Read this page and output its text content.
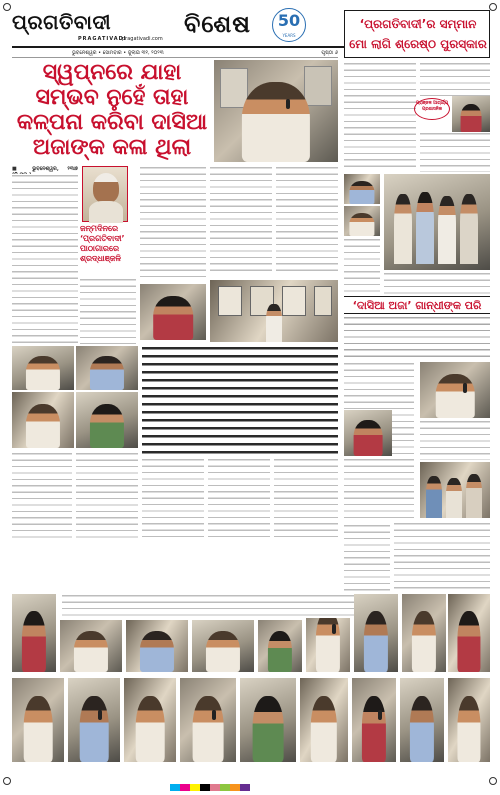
ପ୍ରଗତିବାଦୀ
PRAGATIVADI
pragativadi.com
ବିଶେଷ	50
YEARS
ଭୁବନେଶ୍ୱର • ସୋମବାର • ଜୁଲାଇ ୩୧, ୨୦୨୩	ପୃଷ୍ଠା ୬
ସ୍ୱପ୍ନରେ ଯାହା ସମ୍ଭବ ନୁହେଁ ତାହା କଳ୍ପନା କରିବା ଦାସିଆ ଅଜାଙ୍କ କଳା ଥିଲା
‘ପ୍ରଗତିବାଦୀ’ର ସମ୍ମାନ ମୋ ଲାଗି ଶ୍ରେଷ୍ଠ ପୁରସ୍କାର
ପ୍ରାଞ୍ଜଳ ଆଚାର୍ଯ୍ୟ ପ୍ରଶାସନିକ
‘ଦାସିଆ ଅଜା’ ଗାନ୍ଧୀଙ୍କ ପରି
■ ଭୁବନେଶ୍ୱର, ୨୩ା୭
ଜନ୍ମଦିନରେ ‘ପ୍ରଗତିବାଦୀ’ ପାଠାଗାରରେ ଶ୍ରଦ୍ଧାଞ୍ଜଳି
